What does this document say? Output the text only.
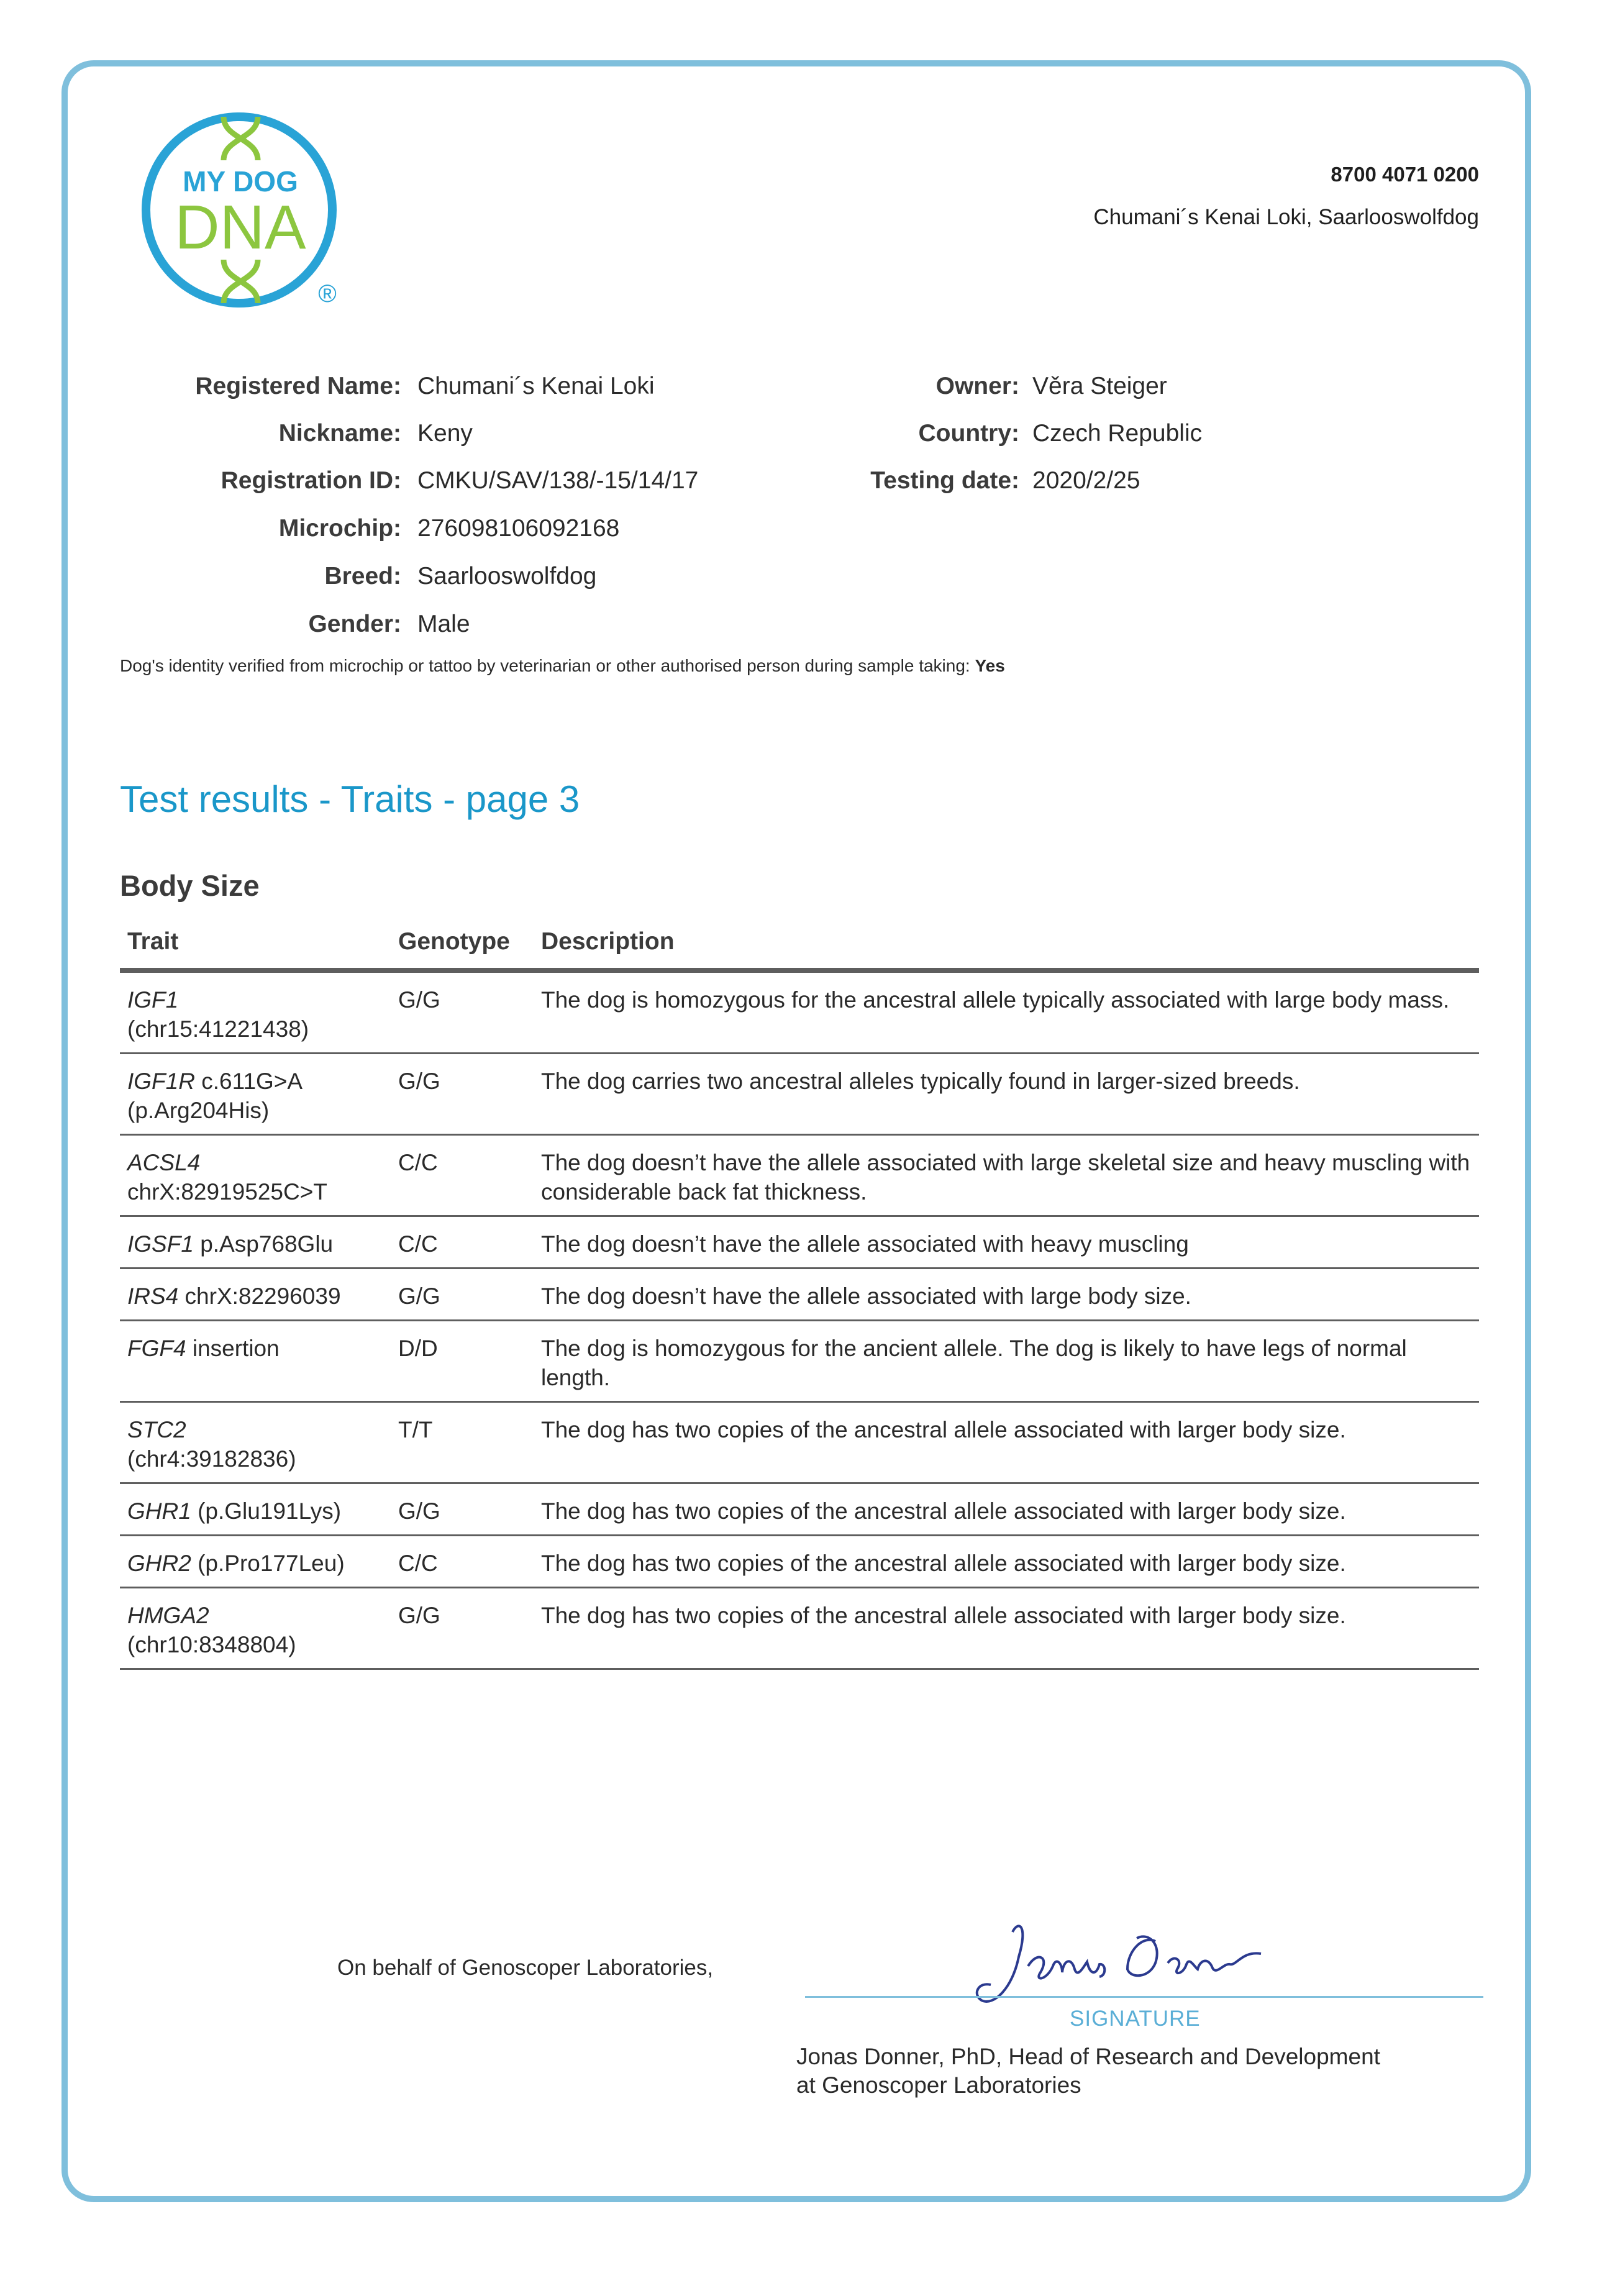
MY DOG
DNA
®
8700 4071 0200
Chumani´s Kenai Loki, Saarlooswolfdog
Registered Name: Chumani´s Kenai Loki
Nickname: Keny
Registration ID: CMKU/SAV/138/-15/14/17
Microchip: 276098106092168
Breed: Saarlooswolfdog
Gender: Male
Owner: Věra Steiger
Country: Czech Republic
Testing date: 2020/2/25
Dog's identity verified from microchip or tattoo by veterinarian or other authorised person during sample taking: Yes
Test results - Traits - page 3
Body Size
Trait	Genotype	Description
IGF1
(chr15:41221438)	G/G	The dog is homozygous for the ancestral allele typically associated with large body mass.
IGF1R c.611G>A (p.Arg204His)	G/G	The dog carries two ancestral alleles typically found in larger-sized breeds.
ACSL4
chrX:82919525C>T	C/C	The dog doesn’t have the allele associated with large skeletal size and heavy muscling with considerable back fat thickness.
IGSF1 p.Asp768Glu	C/C	The dog doesn’t have the allele associated with heavy muscling
IRS4 chrX:82296039	G/G	The dog doesn’t have the allele associated with large body size.
FGF4 insertion	D/D	The dog is homozygous for the ancient allele. The dog is likely to have legs of normal length.
STC2
(chr4:39182836)	T/T	The dog has two copies of the ancestral allele associated with larger body size.
GHR1 (p.Glu191Lys)	G/G	The dog has two copies of the ancestral allele associated with larger body size.
GHR2 (p.Pro177Leu)	C/C	The dog has two copies of the ancestral allele associated with larger body size.
HMGA2
(chr10:8348804)	G/G	The dog has two copies of the ancestral allele associated with larger body size.
On behalf of Genoscoper Laboratories,
SIGNATURE
Jonas Donner, PhD, Head of Research and Development
at Genoscoper Laboratories
